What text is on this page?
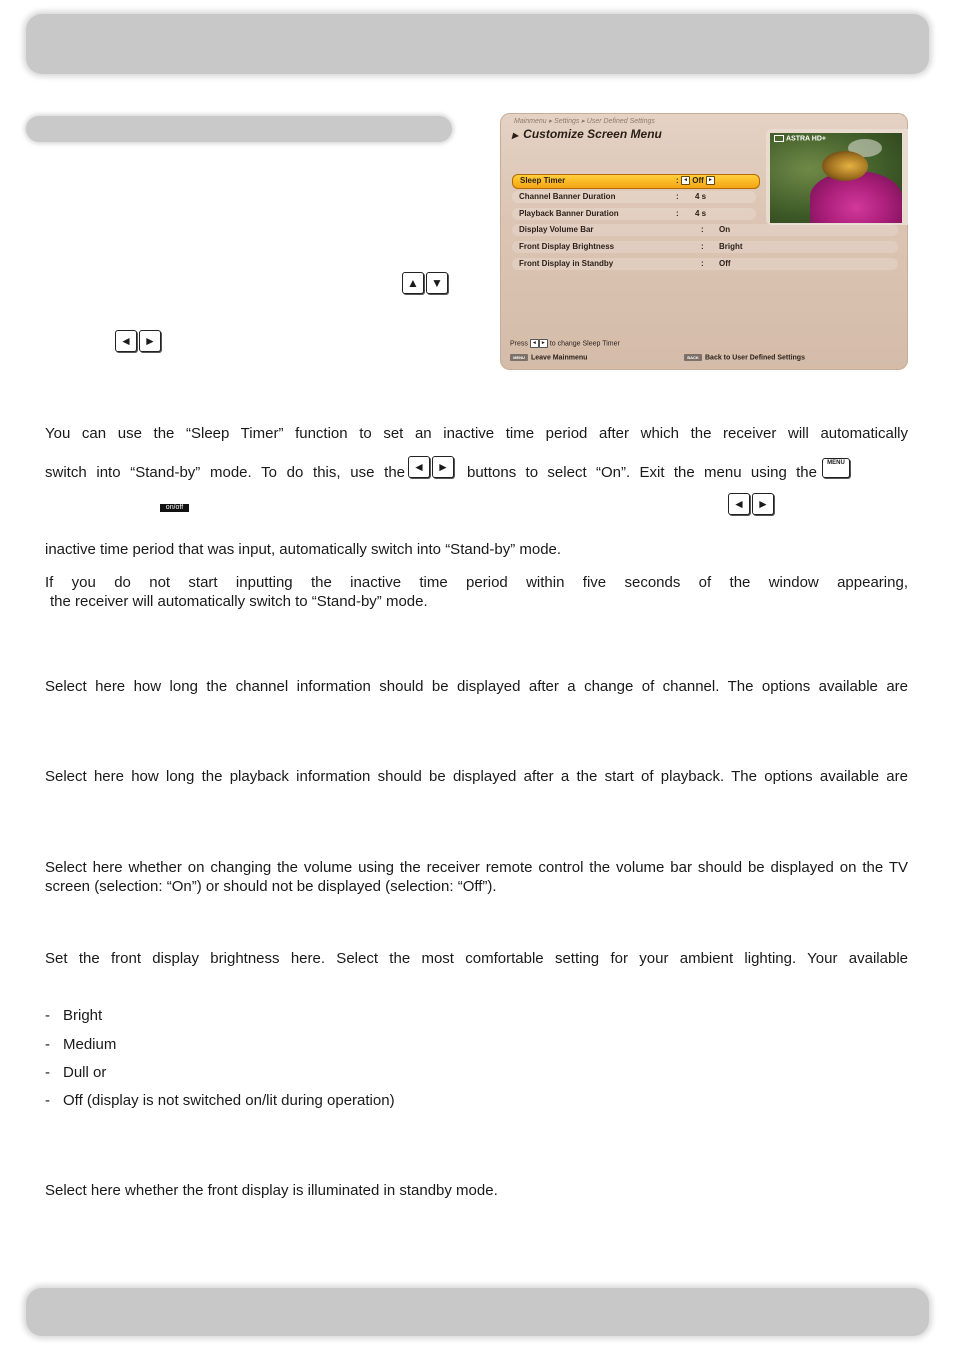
▲	▼
◄	►
Mainmenu ▸ Settings ▸ User Defined Settings
▶ Customize Screen Menu	ASTRA HD+
Sleep Timer	: ◄ Off ►
Channel Banner Duration	: 4 s
Playback Banner Duration	: 4 s
Display Volume Bar	: On
Front Display Brightness	: Bright
Front Display in Standby	: Off
Press ◄ ► to change Sleep Timer
MENU Leave Mainmenu	BACK Back to User Defined Settings
You can use the “Sleep Timer” function to set an inactive time period after which the receiver will automatically
switch into “Stand-by” mode. To do this, use the ◄	►	buttons to select “On”. Exit the menu using the
MENU
on/off	◄	►
inactive time period that was input, automatically switch into “Stand-by” mode.
If you do not start inputting the inactive time period within five seconds of the window appearing,
the receiver will automatically switch to “Stand-by” mode.
Select here how long the channel information should be displayed after a change of channel. The options available are
Select here how long the playback information should be displayed after a the start of playback. The options available are
Select here whether on changing the volume using the receiver remote control the volume bar should be displayed on the TV screen (selection: “On”) or should not be displayed (selection: “Off”).
Set the front display brightness here. Select the most comfortable setting for your ambient lighting. Your available
- Bright
- Medium
- Dull or
- Off (display is not switched on/lit during operation)
Select here whether the front display is illuminated in standby mode.
